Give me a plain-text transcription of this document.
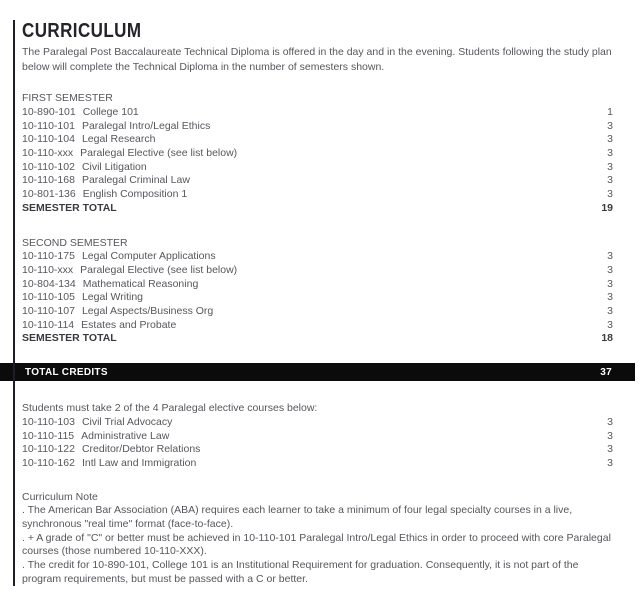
CURRICULUM

The Paralegal Post Baccalaureate Technical Diploma is offered in the day and in the evening. Students following the study plan below will complete the Technical Diploma in the number of semesters shown.

FIRST SEMESTER
10-890-101 College 101	1
10-110-101 Paralegal Intro/Legal Ethics	3
10-110-104 Legal Research	3
10-110-xxx Paralegal Elective (see list below)	3
10-110-102 Civil Litigation	3
10-110-168 Paralegal Criminal Law	3
10-801-136 English Composition 1	3
SEMESTER TOTAL	19
SECOND SEMESTER
10-110-175 Legal Computer Applications	3
10-110-xxx Paralegal Elective (see list below)	3
10-804-134 Mathematical Reasoning	3
10-110-105 Legal Writing	3
10-110-107 Legal Aspects/Business Org	3
10-110-114 Estates and Probate	3
SEMESTER TOTAL	18
TOTAL CREDITS	37
Students must take 2 of the 4 Paralegal elective courses below:
10-110-103 Civil Trial Advocacy	3
10-110-115 Administrative Law	3
10-110-122 Creditor/Debtor Relations	3
10-110-162 Intl Law and Immigration	3
Curriculum Note
. The American Bar Association (ABA) requires each learner to take a minimum of four legal specialty courses in a live, synchronous "real time" format (face-to-face).
. + A grade of "C" or better must be achieved in 10-110-101 Paralegal Intro/Legal Ethics in order to proceed with core Paralegal courses (those numbered 10-110-XXX).
. The credit for 10-890-101, College 101 is an Institutional Requirement for graduation. Consequently, it is not part of the program requirements, but must be passed with a C or better.
